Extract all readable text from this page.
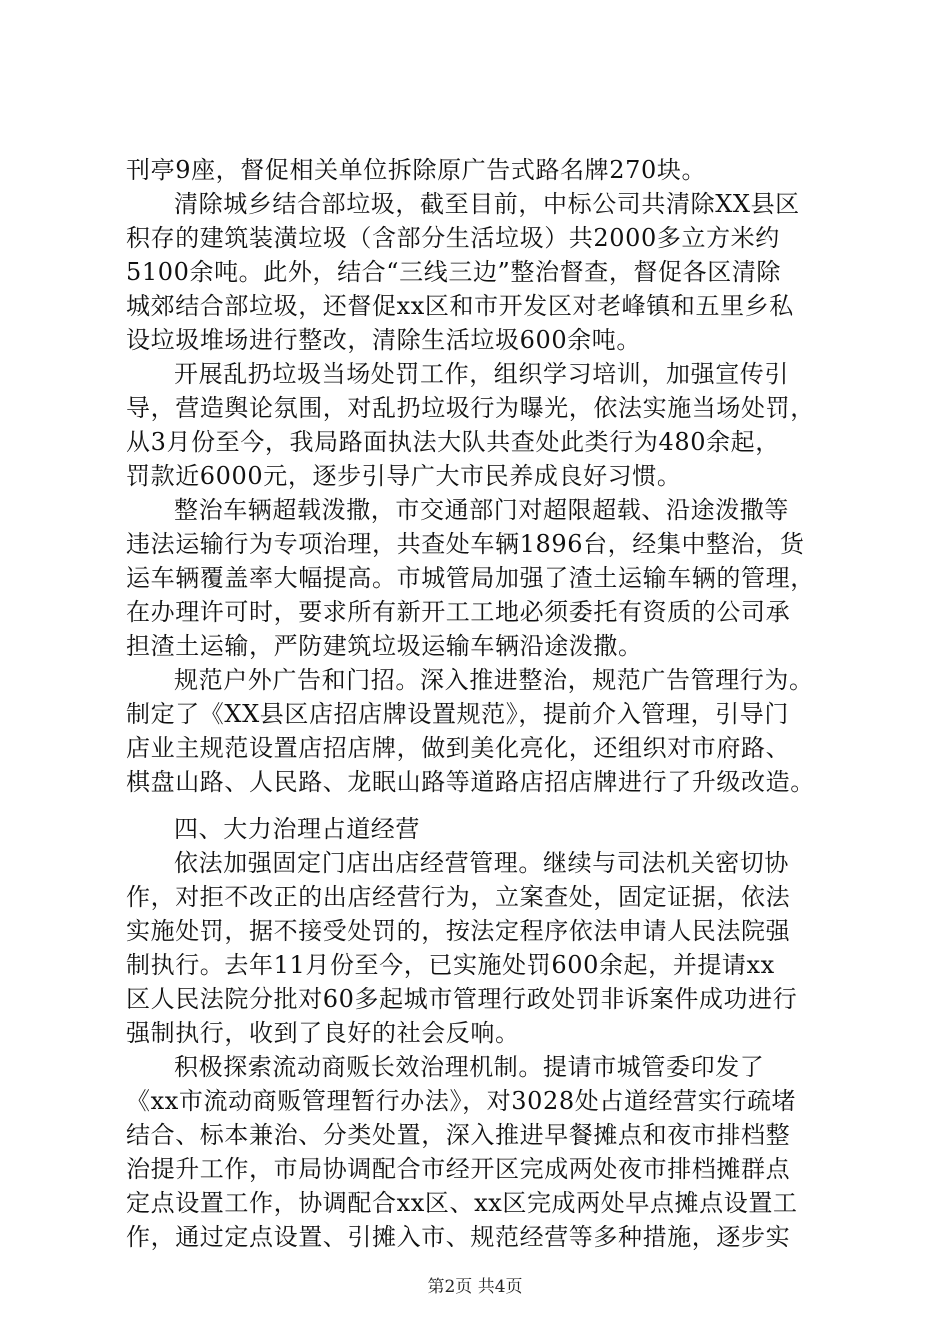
刊亭9座，督促相关单位拆除原广告式路名牌270块。
清除城乡结合部垃圾，截至目前，中标公司共清除XX县区
积存的建筑装潢垃圾（含部分生活垃圾）共2000多立方米约
5100余吨。此外，结合“三线三边”整治督查，督促各区清除
城郊结合部垃圾，还督促xx区和市开发区对老峰镇和五里乡私
设垃圾堆场进行整改，清除生活垃圾600余吨。
开展乱扔垃圾当场处罚工作，组织学习培训，加强宣传引
导，营造舆论氛围，对乱扔垃圾行为曝光，依法实施当场处罚，
从3月份至今，我局路面执法大队共查处此类行为480余起，
罚款近6000元，逐步引导广大市民养成良好习惯。
整治车辆超载泼撒，市交通部门对超限超载、沿途泼撒等
违法运输行为专项治理，共查处车辆1896台，经集中整治，货
运车辆覆盖率大幅提高。市城管局加强了渣土运输车辆的管理，
在办理许可时，要求所有新开工工地必须委托有资质的公司承
担渣土运输，严防建筑垃圾运输车辆沿途泼撒。
规范户外广告和门招。深入推进整治，规范广告管理行为。
制定了《XX县区店招店牌设置规范》，提前介入管理，引导门
店业主规范设置店招店牌，做到美化亮化，还组织对市府路、
棋盘山路、人民路、龙眠山路等道路店招店牌进行了升级改造。
四、大力治理占道经营
依法加强固定门店出店经营管理。继续与司法机关密切协
作，对拒不改正的出店经营行为，立案查处，固定证据，依法
实施处罚，据不接受处罚的，按法定程序依法申请人民法院强
制执行。去年11月份至今，已实施处罚600余起，并提请xx
区人民法院分批对60多起城市管理行政处罚非诉案件成功进行
强制执行，收到了良好的社会反响。
积极探索流动商贩长效治理机制。提请市城管委印发了
《xx市流动商贩管理暂行办法》，对3028处占道经营实行疏堵
结合、标本兼治、分类处置，深入推进早餐摊点和夜市排档整
治提升工作，市局协调配合市经开区完成两处夜市排档摊群点
定点设置工作，协调配合xx区、xx区完成两处早点摊点设置工
作，通过定点设置、引摊入市、规范经营等多种措施，逐步实
第2页 共4页
